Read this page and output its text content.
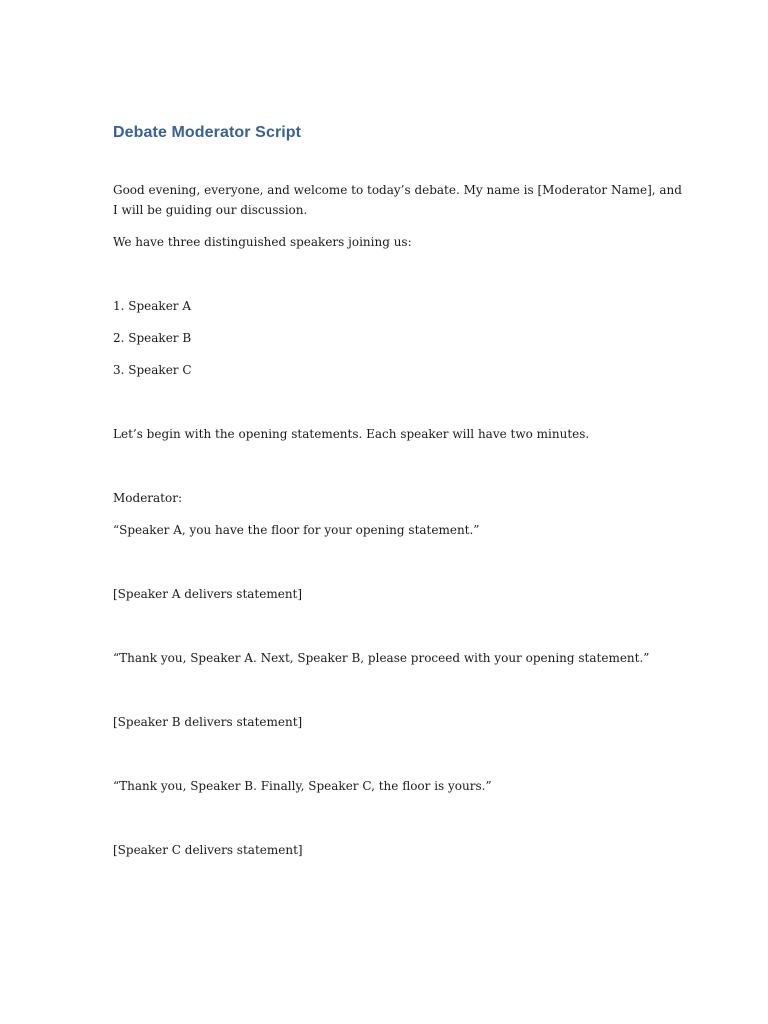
Debate Moderator Script

Good evening, everyone, and welcome to today’s debate. My name is [Moderator Name], and

I will be guiding our discussion.

We have three distinguished speakers joining us:

1. Speaker A

2. Speaker B

3. Speaker C

Let’s begin with the opening statements. Each speaker will have two minutes.

Moderator:

“Speaker A, you have the floor for your opening statement.”

[Speaker A delivers statement]

“Thank you, Speaker A. Next, Speaker B, please proceed with your opening statement.”

[Speaker B delivers statement]

“Thank you, Speaker B. Finally, Speaker C, the floor is yours.”

[Speaker C delivers statement]
